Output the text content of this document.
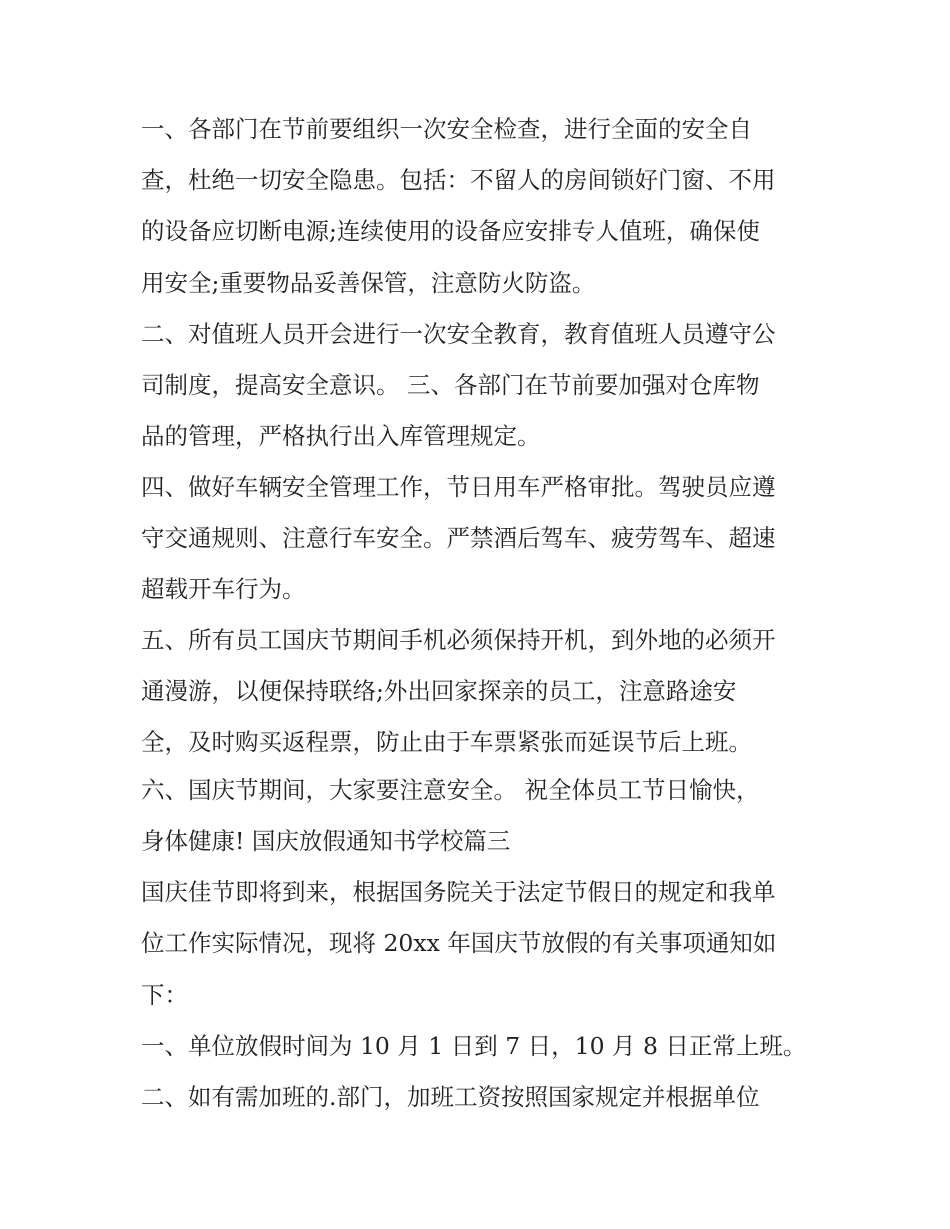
一、各部门在节前要组织一次安全检查，进行全面的安全自

查，杜绝一切安全隐患。包括：不留人的房间锁好门窗、不用

的设备应切断电源;连续使用的设备应安排专人值班，确保使

用安全;重要物品妥善保管，注意防火防盗。

二、对值班人员开会进行一次安全教育，教育值班人员遵守公

司制度，提高安全意识。 三、各部门在节前要加强对仓库物

品的管理，严格执行出入库管理规定。

四、做好车辆安全管理工作，节日用车严格审批。驾驶员应遵

守交通规则、注意行车安全。严禁酒后驾车、疲劳驾车、超速

超载开车行为。

五、所有员工国庆节期间手机必须保持开机，到外地的必须开

通漫游，以便保持联络;外出回家探亲的员工，注意路途安

全，及时购买返程票，防止由于车票紧张而延误节后上班。

六、国庆节期间，大家要注意安全。 祝全体员工节日愉快，

身体健康! 国庆放假通知书学校篇三

国庆佳节即将到来，根据国务院关于法定节假日的规定和我单

位工作实际情况，现将 20xx 年国庆节放假的有关事项通知如

下：

一、单位放假时间为 10 月 1 日到 7 日，10 月 8 日正常上班。

二、如有需加班的.部门，加班工资按照国家规定并根据单位
